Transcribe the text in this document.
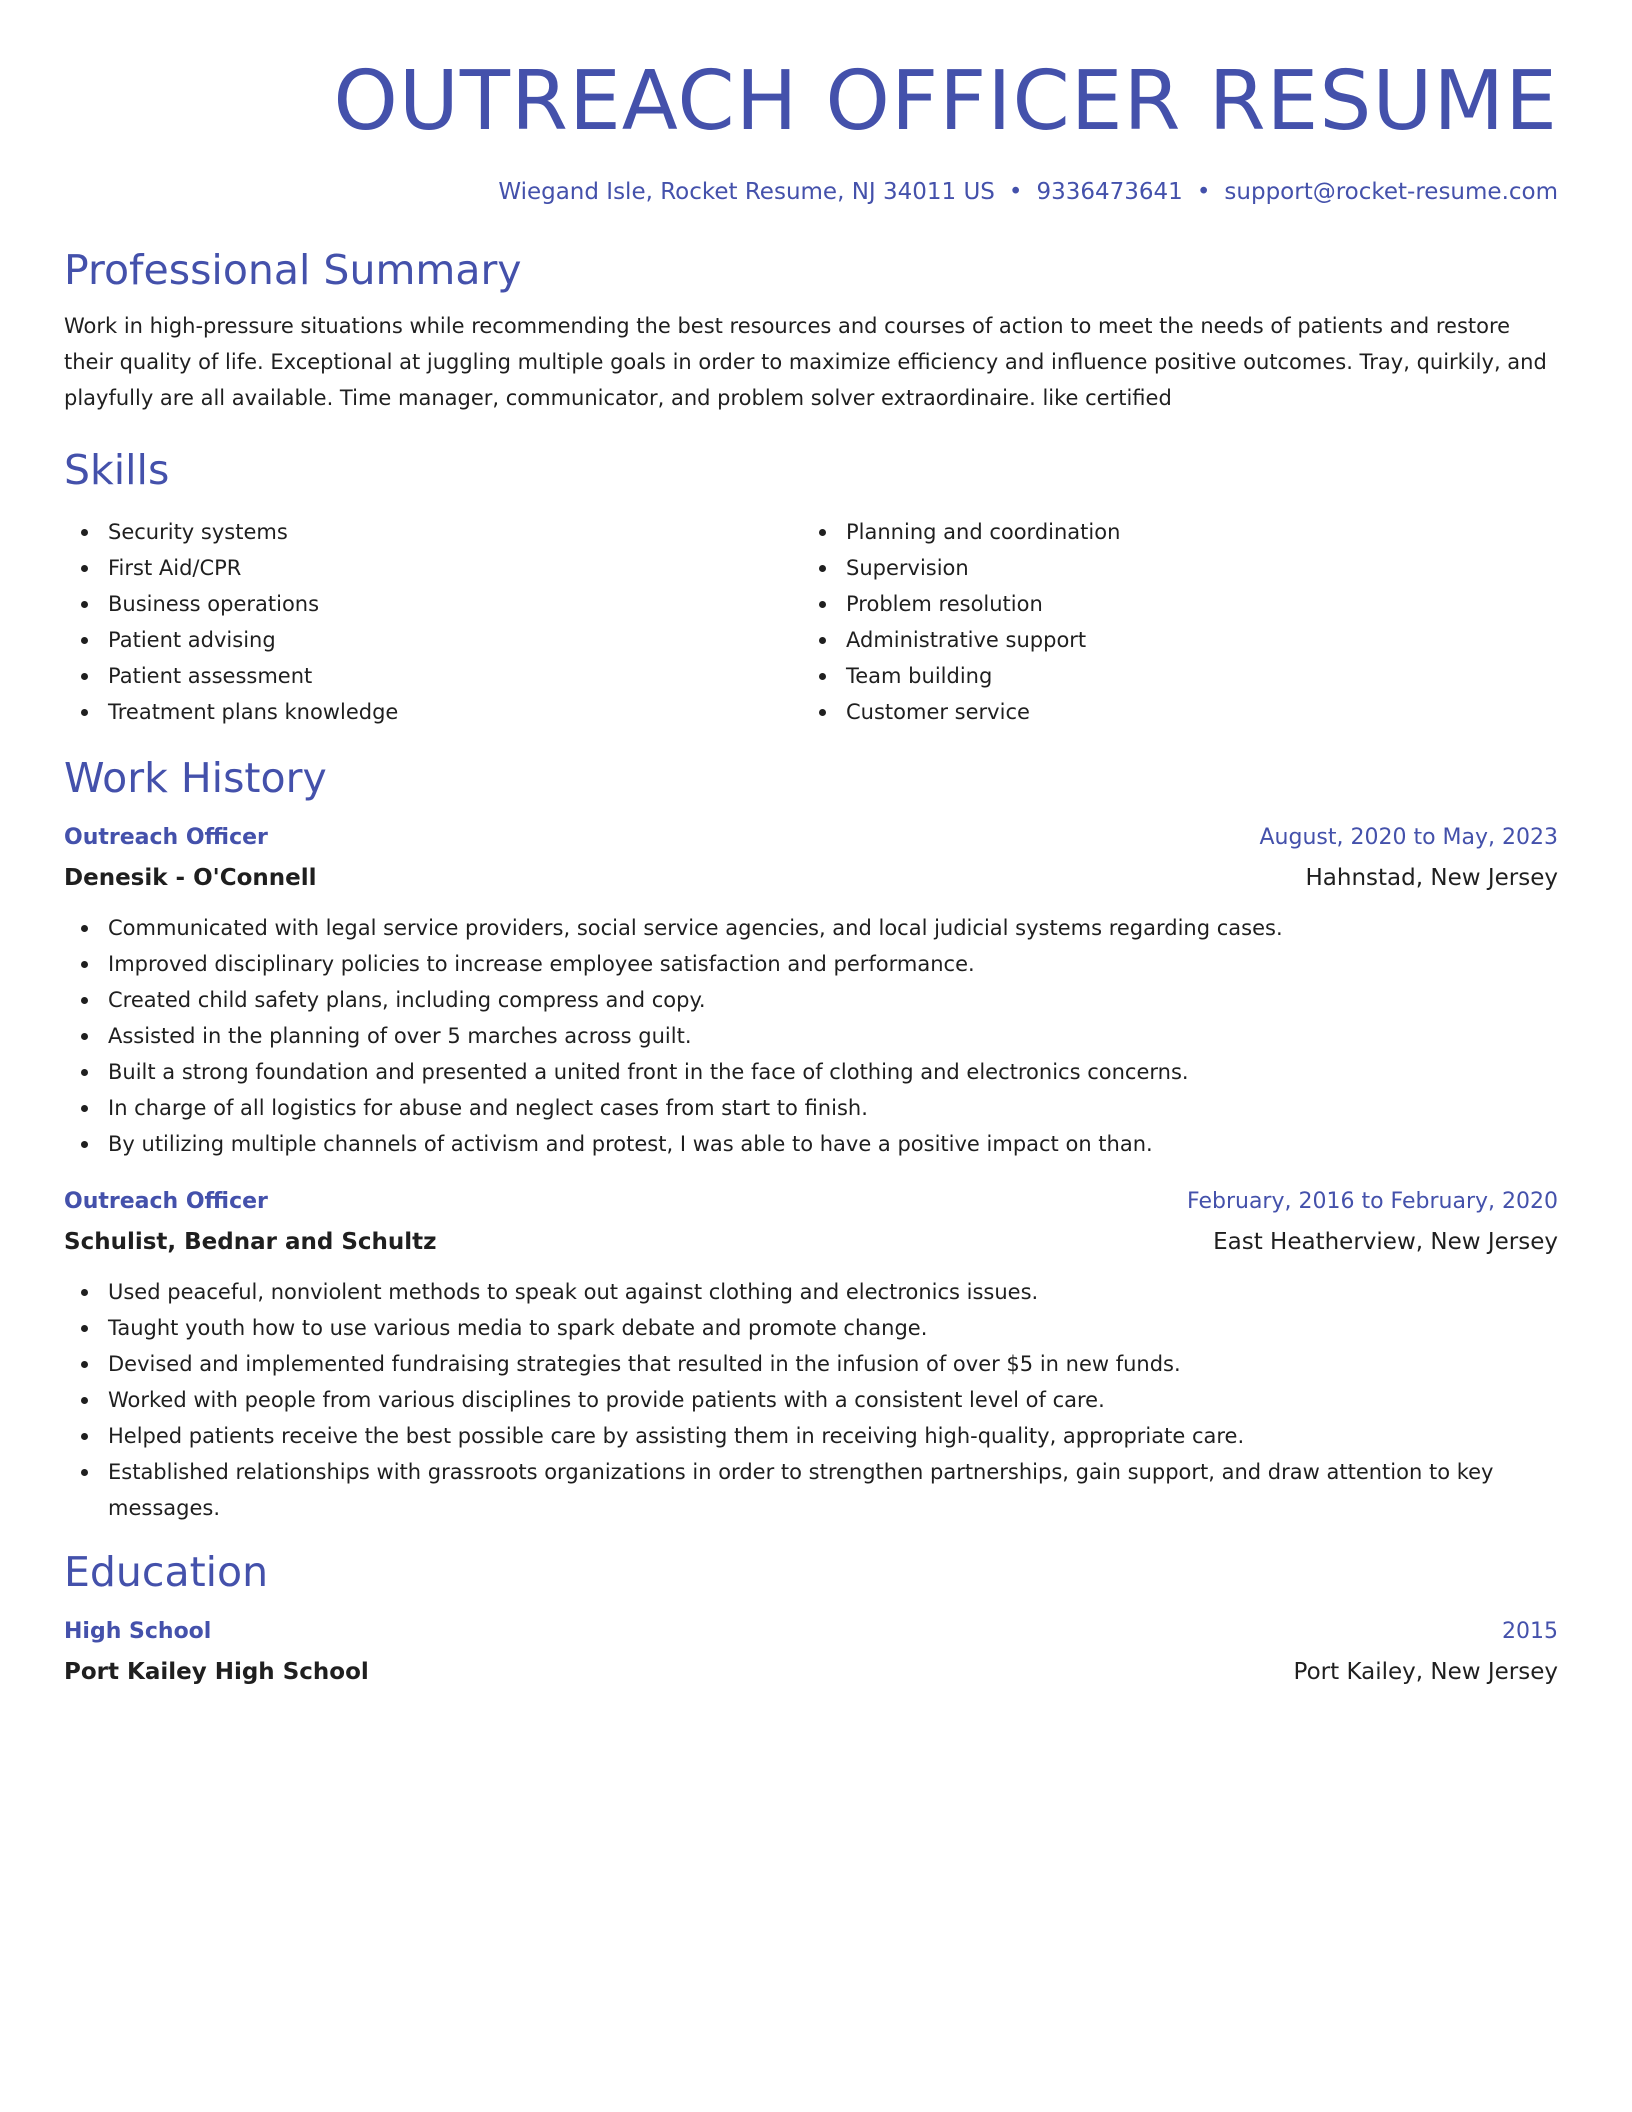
OUTREACH OFFICER RESUME
Wiegand Isle, Rocket Resume, NJ 34011 US • 9336473641 • support@rocket-resume.com
Professional Summary
Work in high-pressure situations while recommending the best resources and courses of action to meet the needs of patients and restore their quality of life. Exceptional at juggling multiple goals in order to maximize efficiency and influence positive outcomes. Tray, quirkily, and playfully are all available. Time manager, communicator, and problem solver extraordinaire. like certified
Skills
Security systems
First Aid/CPR
Business operations
Patient advising
Patient assessment
Treatment plans knowledge
Planning and coordination
Supervision
Problem resolution
Administrative support
Team building
Customer service
Work History
Outreach Officer	August, 2020 to May, 2023
Denesik - O'Connell	Hahnstad, New Jersey
Communicated with legal service providers, social service agencies, and local judicial systems regarding cases.
Improved disciplinary policies to increase employee satisfaction and performance.
Created child safety plans, including compress and copy.
Assisted in the planning of over 5 marches across guilt.
Built a strong foundation and presented a united front in the face of clothing and electronics concerns.
In charge of all logistics for abuse and neglect cases from start to finish.
By utilizing multiple channels of activism and protest, I was able to have a positive impact on than.
Outreach Officer	February, 2016 to February, 2020
Schulist, Bednar and Schultz	East Heatherview, New Jersey
Used peaceful, nonviolent methods to speak out against clothing and electronics issues.
Taught youth how to use various media to spark debate and promote change.
Devised and implemented fundraising strategies that resulted in the infusion of over $5 in new funds.
Worked with people from various disciplines to provide patients with a consistent level of care.
Helped patients receive the best possible care by assisting them in receiving high-quality, appropriate care.
Established relationships with grassroots organizations in order to strengthen partnerships, gain support, and draw attention to key messages.
Education
High School	2015
Port Kailey High School	Port Kailey, New Jersey
